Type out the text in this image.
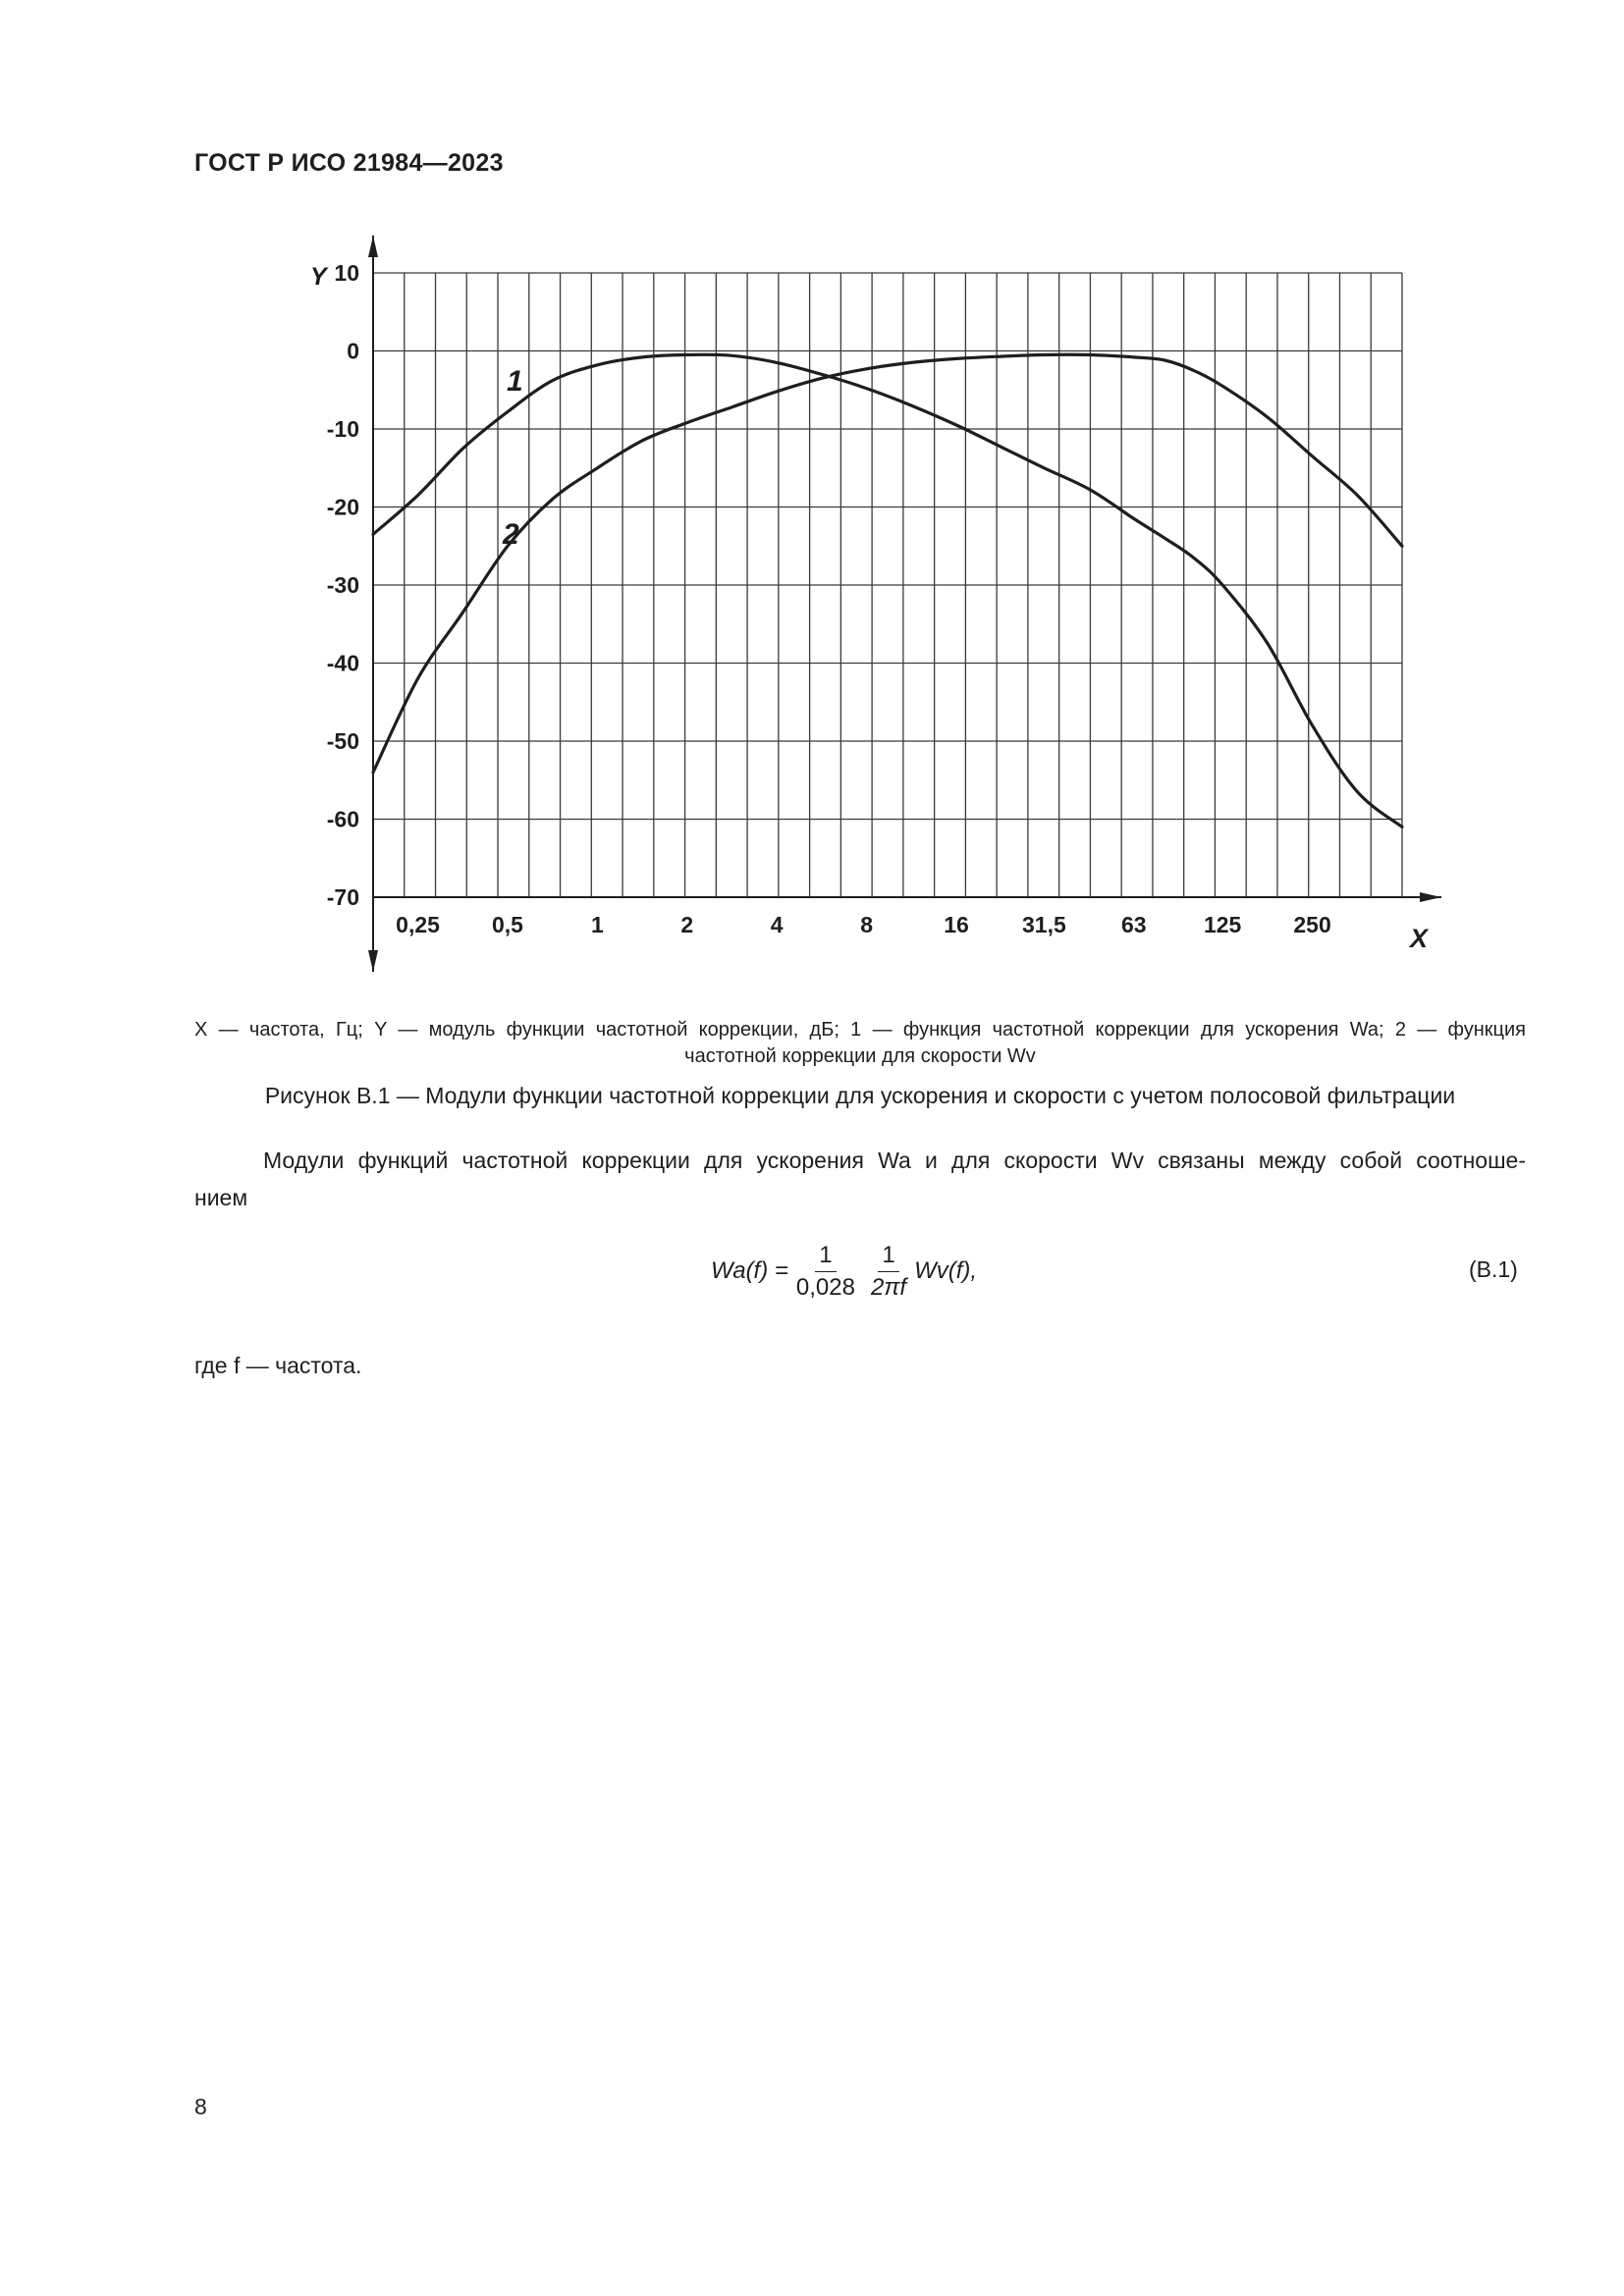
ГОСТ Р ИСО 21984—2023
10
0
-10
-20
-30
-40
-50
-60
-70
0,25 0,5	1	2	4	8	16 31,5 63	125 250
Y
X
1
2
X — частота, Гц; Y — модуль функции частотной коррекции, дБ; 1 — функция частотной коррекции для ускорения Wa; 2 — функция
частотной коррекции для скорости Wv
Рисунок В.1 — Модули функции частотной коррекции для ускорения и скорости с учетом полосовой фильтрации
Модули функций частотной коррекции для ускорения Wa и для скорости Wv связаны между собой соотноше-
нием
$Wa(f) = \frac{1}{0,028} \frac{1}{2\pi f} Wv(f)$,	(В.1)
где f — частота.
8
